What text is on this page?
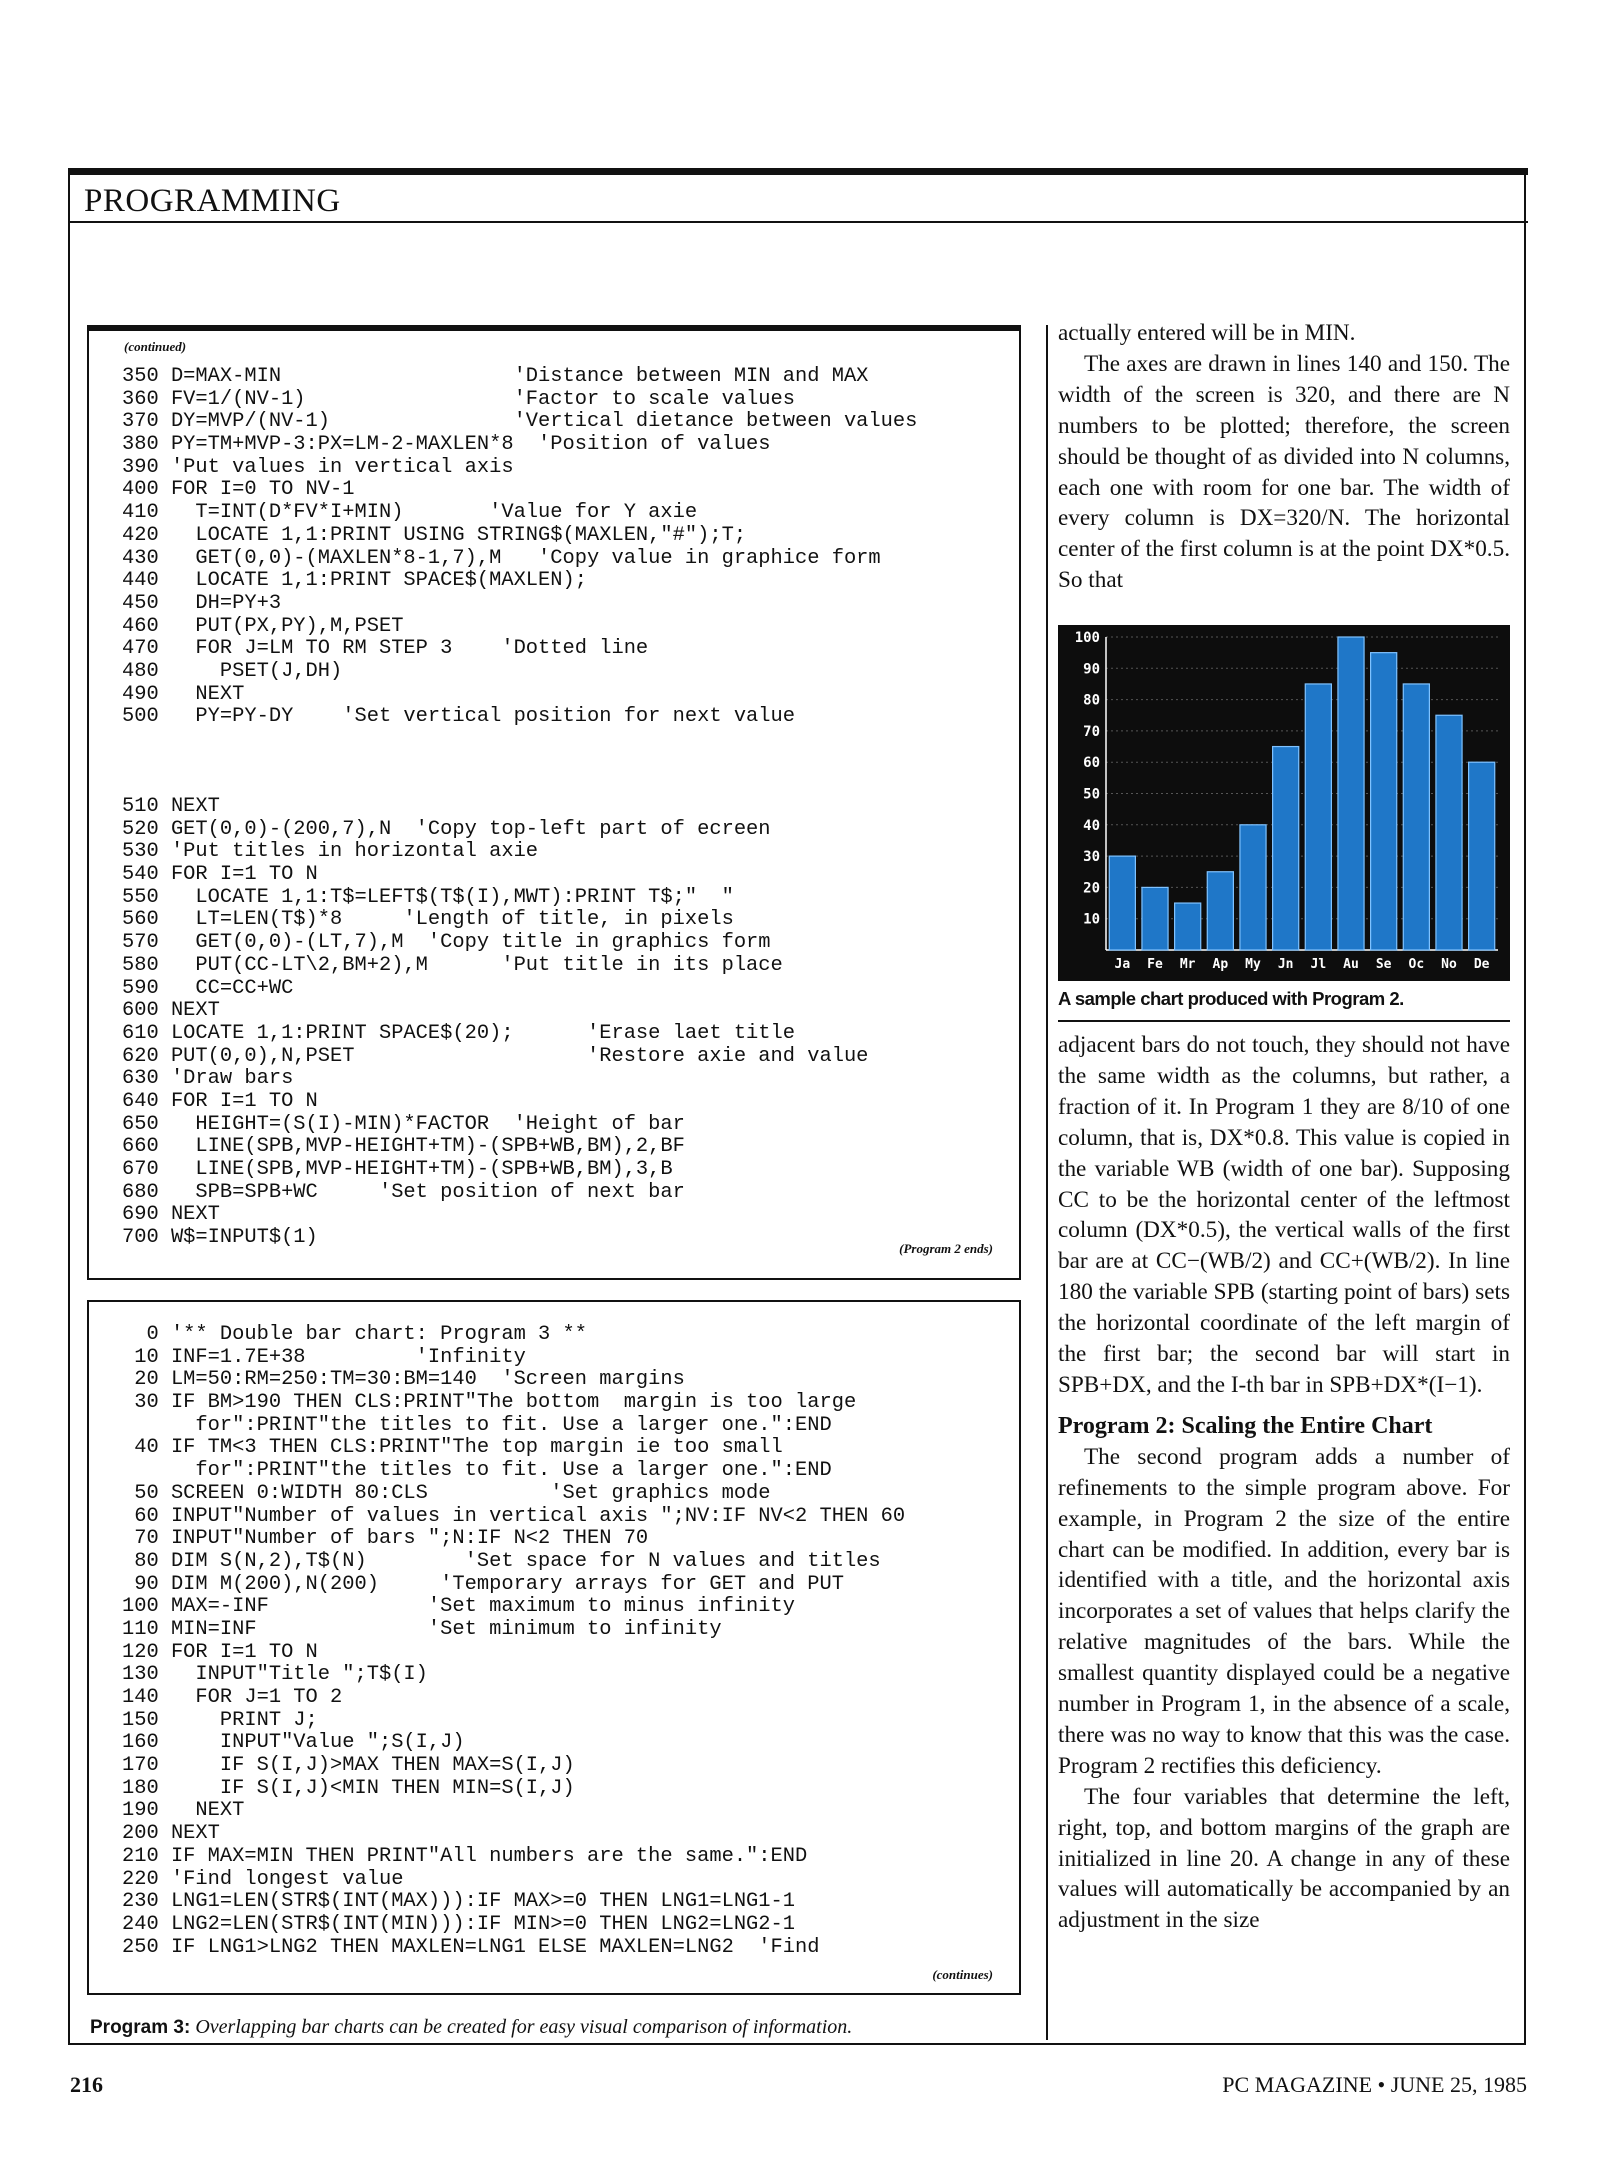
PROGRAMMING
(continued)
350 D=MAX-MIN                   'Distance between MIN and MAX
360 FV=1/(NV-1)                 'Factor to scale values
370 DY=MVP/(NV-1)               'Vertical dietance between values
380 PY=TM+MVP-3:PX=LM-2-MAXLEN*8  'Position of values
390 'Put values in vertical axis
400 FOR I=0 TO NV-1
410   T=INT(D*FV*I+MIN)       'Value for Y axie
420   LOCATE 1,1:PRINT USING STRING$(MAXLEN,"#");T;
430   GET(0,0)-(MAXLEN*8-1,7),M   'Copy value in graphice form
440   LOCATE 1,1:PRINT SPACE$(MAXLEN);
450   DH=PY+3
460   PUT(PX,PY),M,PSET
470   FOR J=LM TO RM STEP 3    'Dotted line
480     PSET(J,DH)
490   NEXT
500   PY=PY-DY    'Set vertical position for next value
510 NEXT
520 GET(0,0)-(200,7),N  'Copy top-left part of ecreen
530 'Put titles in horizontal axie
540 FOR I=1 TO N
550   LOCATE 1,1:T$=LEFT$(T$(I),MWT):PRINT T$;"  "
560   LT=LEN(T$)*8     'Length of title, in pixels
570   GET(0,0)-(LT,7),M  'Copy title in graphics form
580   PUT(CC-LT\2,BM+2),M      'Put title in its place
590   CC=CC+WC
600 NEXT
610 LOCATE 1,1:PRINT SPACE$(20);      'Erase laet title
620 PUT(0,0),N,PSET                   'Restore axie and value
630 'Draw bars
640 FOR I=1 TO N
650   HEIGHT=(S(I)-MIN)*FACTOR  'Height of bar
660   LINE(SPB,MVP-HEIGHT+TM)-(SPB+WB,BM),2,BF
670   LINE(SPB,MVP-HEIGHT+TM)-(SPB+WB,BM),3,B
680   SPB=SPB+WC     'Set position of next bar
690 NEXT
700 W$=INPUT$(1)	(Program 2 ends)
0 '** Double bar chart: Program 3 **
10 INF=1.7E+38         'Infinity
20 LM=50:RM=250:TM=30:BM=140  'Screen margins
30 IF BM>190 THEN CLS:PRINT"The bottom  margin is too large
for":PRINT"the titles to fit. Use a larger one.":END
40 IF TM<3 THEN CLS:PRINT"The top margin ie too small
for":PRINT"the titles to fit. Use a larger one.":END
50 SCREEN 0:WIDTH 80:CLS          'Set graphics mode
60 INPUT"Number of values in vertical axis ";NV:IF NV<2 THEN 60
70 INPUT"Number of bars ";N:IF N<2 THEN 70
80 DIM S(N,2),T$(N)        'Set space for N values and titles
90 DIM M(200),N(200)     'Temporary arrays for GET and PUT
100 MAX=-INF             'Set maximum to minus infinity
110 MIN=INF              'Set minimum to infinity
120 FOR I=1 TO N
130   INPUT"Title ";T$(I)
140   FOR J=1 TO 2
150     PRINT J;
160     INPUT"Value ";S(I,J)
170     IF S(I,J)>MAX THEN MAX=S(I,J)
180     IF S(I,J)<MIN THEN MIN=S(I,J)
190   NEXT
200 NEXT
210 IF MAX=MIN THEN PRINT"All numbers are the same.":END
220 'Find longest value
230 LNG1=LEN(STR$(INT(MAX))):IF MAX>=0 THEN LNG1=LNG1-1
240 LNG2=LEN(STR$(INT(MIN))):IF MIN>=0 THEN LNG2=LNG2-1
250 IF LNG1>LNG2 THEN MAXLEN=LNG1 ELSE MAXLEN=LNG2  'Find
(continues)
Program 3: Overlapping bar charts can be created for easy visual comparison of information.

actually entered will be in MIN.

The axes are drawn in lines 140 and 150. The width of the screen is 320, and there are N numbers to be plotted; therefore, the screen should be thought of as divided into N columns, each one with room for one bar. The width of every column is DX=320/N. The horizontal center of the first column is at the point DX*0.5. So that

10
20
30
40
50
60
70
80
90
100
Ja Fe Mr Ap My Jn Jl Au Se Oc No De
A sample chart produced with Program 2.

adjacent bars do not touch, they should not have the same width as the columns, but rather, a fraction of it. In Program 1 they are 8/10 of one column, that is, DX*0.8. This value is copied in the variable WB (width of one bar). Supposing CC to be the horizontal center of the leftmost column (DX*0.5), the vertical walls of the first bar are at CC−(WB/2) and CC+(WB/2). In line 180 the variable SPB (starting point of bars) sets the horizontal coordinate of the left margin of the first bar; the second bar will start in SPB+DX, and the I-th bar in SPB+DX*(I−1).

Program 2: Scaling the Entire Chart

The second program adds a number of refinements to the simple program above. For example, in Program 2 the size of the entire chart can be modified. In addition, every bar is identified with a title, and the horizontal axis incorporates a set of values that helps clarify the relative magnitudes of the bars. While the smallest quantity displayed could be a negative number in Program 1, in the absence of a scale, there was no way to know that this was the case. Program 2 rectifies this deficiency.

The four variables that determine the left, right, top, and bottom margins of the graph are initialized in line 20. A change in any of these values will automatically be accompanied by an adjustment in the size

216	PC MAGAZINE • JUNE 25, 1985
